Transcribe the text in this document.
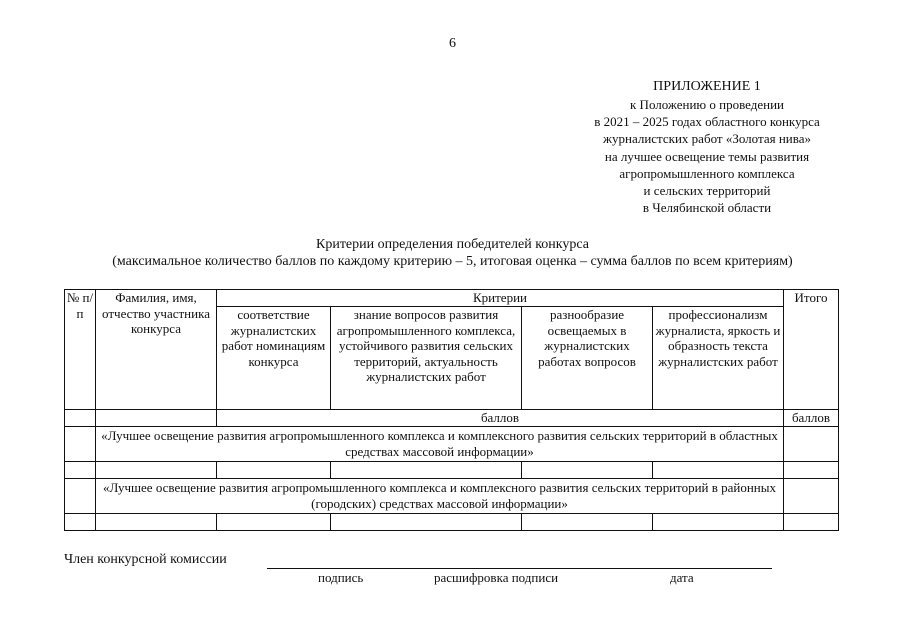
6
ПРИЛОЖЕНИЕ 1
к Положению о проведении
в 2021 – 2025 годах областного конкурса
журналистских работ «Золотая нива»
на лучшее освещение темы развития
агропромышленного комплекса
и сельских территорий
в Челябинской области
Критерии определения победителей конкурса
(максимальное количество баллов по каждому критерию – 5, итоговая оценка – сумма баллов по всем критериям)
№ п/п	Фамилия, имя, отчество участника конкурса	Критерии				Итого
		соответствие журналистских работ номинациям конкурса	знание вопросов развития агропромышленного комплекса, устойчивого развития сельских территорий, актуальность журналистских работ	разнообразие освещаемых в журналистских работах вопросов	профессионализм журналиста, яркость и образность текста журналистских работ	
		баллов				баллов
	«Лучшее освещение развития агропромышленного комплекса и комплексного развития сельских территорий в областных средствах массовой информации»					

	«Лучшее освещение развития агропромышленного комплекса и комплексного развития сельских территорий в районных (городских) средствах массовой информации»					

Член конкурсной комиссии
подпись	расшифровка подписи	дата
